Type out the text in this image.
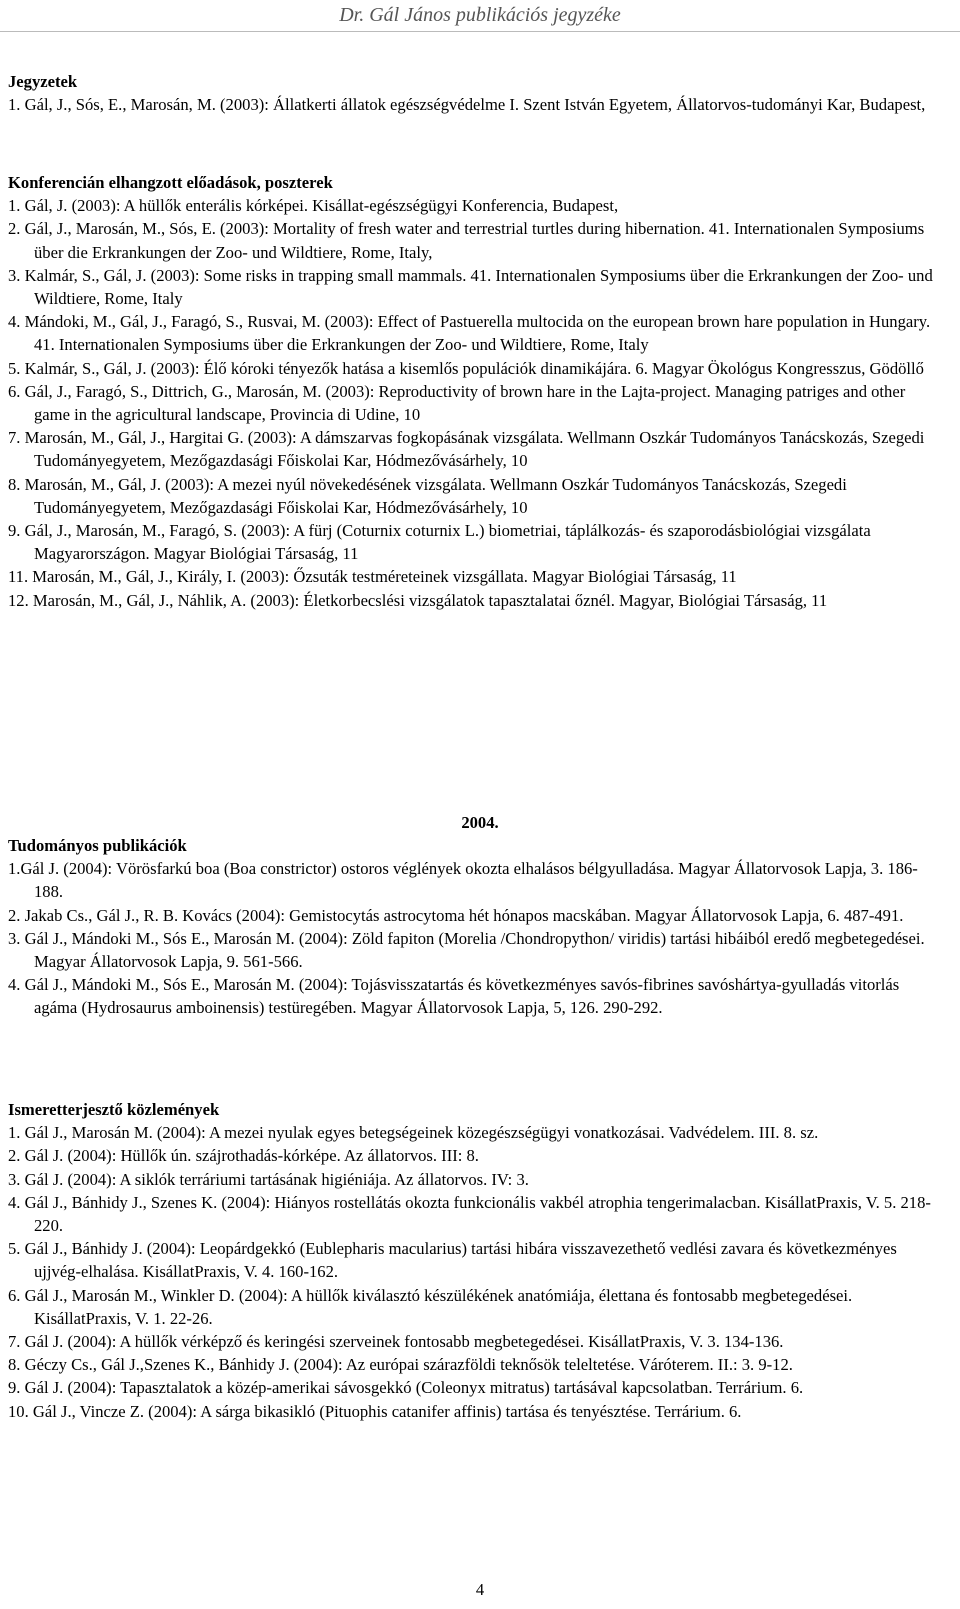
Dr. Gál János publikációs jegyzéke
Jegyzetek
1. Gál, J., Sós, E., Marosán, M. (2003): Állatkerti állatok egészségvédelme I. Szent István Egyetem, Állatorvos-tudományi Kar, Budapest,
Konferencián elhangzott előadások, poszterek
1. Gál, J. (2003): A hüllők enterális kórképei. Kisállat-egészségügyi Konferencia, Budapest,
2. Gál, J., Marosán, M., Sós, E. (2003): Mortality of fresh water and terrestrial turtles during hibernation. 41. Internationalen Symposiums über die Erkrankungen der Zoo- und Wildtiere, Rome, Italy,
3. Kalmár, S., Gál, J. (2003): Some risks in trapping small mammals. 41. Internationalen Symposiums über die Erkrankungen der Zoo- und Wildtiere, Rome, Italy
4. Mándoki, M., Gál, J., Faragó, S., Rusvai, M. (2003): Effect of Pastuerella multocida on the european brown hare population in Hungary. 41. Internationalen Symposiums über die Erkrankungen der Zoo- und Wildtiere, Rome, Italy
5. Kalmár, S., Gál, J. (2003): Élő kóroki tényezők hatása a kisemlős populációk dinamikájára. 6. Magyar Ökológus Kongresszus, Gödöllő
6. Gál, J., Faragó, S., Dittrich, G., Marosán, M. (2003): Reproductivity of brown hare in the Lajta-project. Managing patriges and other game in the agricultural landscape, Provincia di Udine, 10
7. Marosán, M., Gál, J., Hargitai G. (2003): A dámszarvas fogkopásának vizsgálata. Wellmann Oszkár Tudományos Tanácskozás, Szegedi Tudományegyetem, Mezőgazdasági Főiskolai Kar, Hódmezővásárhely, 10
8. Marosán, M., Gál, J. (2003): A mezei nyúl növekedésének vizsgálata. Wellmann Oszkár Tudományos Tanácskozás, Szegedi Tudományegyetem, Mezőgazdasági Főiskolai Kar, Hódmezővásárhely, 10
9. Gál, J., Marosán, M., Faragó, S. (2003): A fürj (Coturnix coturnix L.) biometriai, táplálkozás- és szaporodásbiológiai vizsgálata Magyarországon. Magyar Biológiai Társaság, 11
11. Marosán, M., Gál, J., Király, I. (2003): Őzsuták testméreteinek vizsgállata. Magyar Biológiai Társaság, 11
12. Marosán, M., Gál, J., Náhlik, A. (2003): Életkorbecslési vizsgálatok tapasztalatai őznél. Magyar, Biológiai Társaság, 11
2004.
Tudományos publikációk
1.Gál J. (2004): Vörösfarkú boa (Boa constrictor) ostoros véglények okozta elhalásos bélgyulladása. Magyar Állatorvosok Lapja, 3. 186-188.
2. Jakab Cs., Gál J., R. B. Kovács (2004): Gemistocytás astrocytoma hét hónapos macskában. Magyar Állatorvosok Lapja, 6. 487-491.
3. Gál J., Mándoki M., Sós E., Marosán M. (2004): Zöld fapiton (Morelia /Chondropython/ viridis) tartási hibáiból eredő megbetegedései. Magyar Állatorvosok Lapja, 9. 561-566.
4. Gál J., Mándoki M., Sós E., Marosán M. (2004): Tojásvisszatartás és következményes savós-fibrines savóshártya-gyulladás vitorlás agáma (Hydrosaurus amboinensis) testüregében. Magyar Állatorvosok Lapja, 5, 126. 290-292.
Ismeretterjesztő közlemények
1. Gál J., Marosán M. (2004): A mezei nyulak egyes betegségeinek közegészségügyi vonatkozásai. Vadvédelem. III. 8. sz.
2. Gál J. (2004): Hüllők ún. szájrothadás-kórképe. Az állatorvos. III: 8.
3. Gál J. (2004): A siklók terráriumi tartásának higiéniája. Az állatorvos. IV: 3.
4. Gál J., Bánhidy J., Szenes K. (2004): Hiányos rostellátás okozta funkcionális vakbél atrophia tengerimalacban. KisállatPraxis, V. 5. 218-220.
5. Gál J., Bánhidy J. (2004): Leopárdgekkó (Eublepharis macularius) tartási hibára visszavezethető vedlési zavara és következményes ujjvég-elhalása. KisállatPraxis, V. 4. 160-162.
6. Gál J., Marosán M., Winkler D. (2004): A hüllők kiválasztó készülékének anatómiája, élettana és fontosabb megbetegedései. KisállatPraxis, V. 1. 22-26.
7. Gál J. (2004): A hüllők vérképző és keringési szerveinek fontosabb megbetegedései. KisállatPraxis, V. 3. 134-136.
8. Géczy Cs., Gál J.,Szenes K., Bánhidy J. (2004): Az európai szárazföldi teknősök teleltetése. Váróterem. II.: 3. 9-12.
9. Gál J. (2004): Tapasztalatok a közép-amerikai sávosgekkó (Coleonyx mitratus) tartásával kapcsolatban. Terrárium. 6.
10. Gál J., Vincze Z. (2004): A sárga bikasikló (Pituophis catanifer affinis) tartása és tenyésztése. Terrárium. 6.
4
